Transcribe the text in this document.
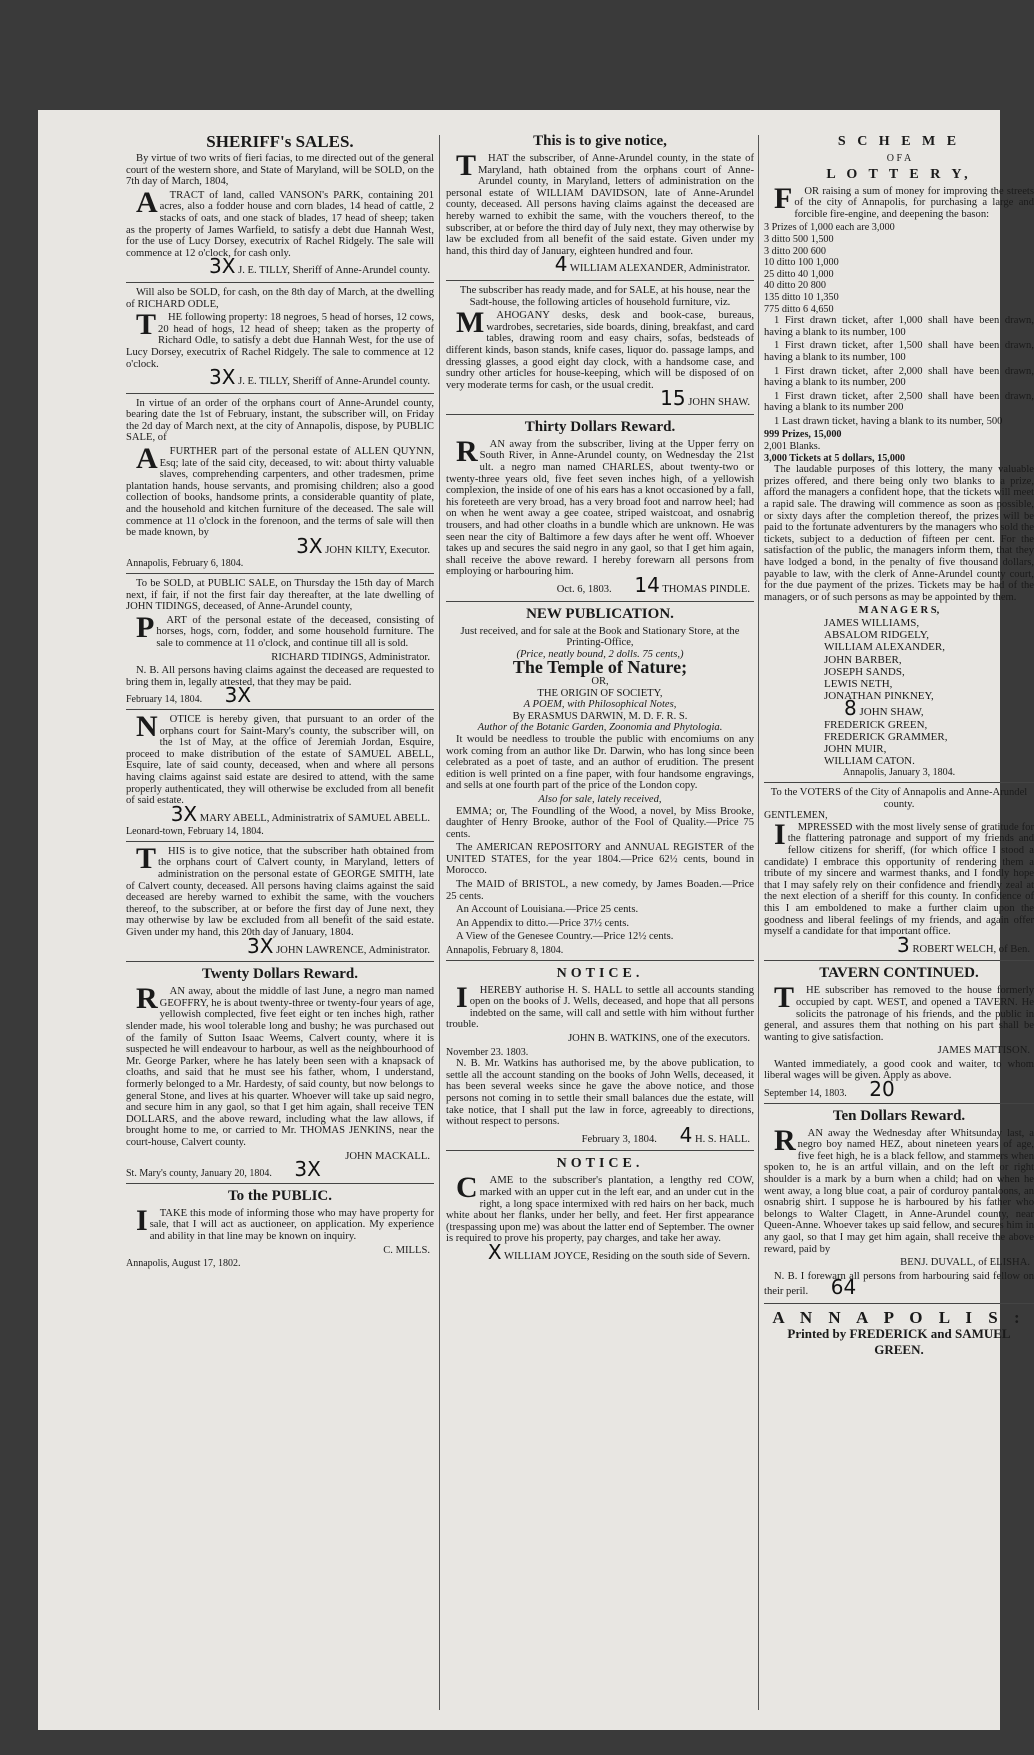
SHERIFF's SALES.
By virtue of two writs of fieri facias, to me directed out of the general court of the western shore, and State of Maryland, will be SOLD, on the 7th day of March, 1804,
ATRACT of land, called VANSON's PARK, containing 201 acres, also a fodder house and corn blades, 14 head of cattle, 2 stacks of oats, and one stack of blades, 17 head of sheep; taken as the property of James Warfield, to satisfy a debt due Hannah West, for the use of Lucy Dorsey, executrix of Rachel Ridgely. The sale will commence at 12 o'clock, for cash only.
3X J. E. TILLY, Sheriff of Anne-Arundel county.
Will also be SOLD, for cash, on the 8th day of March, at the dwelling of RICHARD ODLE,
THE following property: 18 negroes, 5 head of horses, 12 cows, 20 head of hogs, 12 head of sheep; taken as the property of Richard Odle, to satisfy a debt due Hannah West, for the use of Lucy Dorsey, executrix of Rachel Ridgely. The sale to commence at 12 o'clock.
3X J. E. TILLY, Sheriff of Anne-Arundel county.
In virtue of an order of the orphans court of Anne-Arundel county, bearing date the 1st of February, instant, the subscriber will, on Friday the 2d day of March next, at the city of Annapolis, dispose, by PUBLIC SALE, of
AFURTHER part of the personal estate of ALLEN QUYNN, Esq; late of the said city, deceased, to wit: about thirty valuable slaves, comprehending carpenters, and other tradesmen, prime plantation hands, house servants, and promising children; also a good collection of books, handsome prints, a considerable quantity of plate, and the household and kitchen furniture of the deceased. The sale will commence at 11 o'clock in the forenoon, and the terms of sale will then be made known, by
3X JOHN KILTY, Executor.
Annapolis, February 6, 1804.
To be SOLD, at PUBLIC SALE, on Thursday the 15th day of March next, if fair, if not the first fair day thereafter, at the late dwelling of JOHN TIDINGS, deceased, of Anne-Arundel county,
PART of the personal estate of the deceased, consisting of horses, hogs, corn, fodder, and some household furniture. The sale to commence at 11 o'clock, and continue till all is sold.
RICHARD TIDINGS, Administrator.
N. B. All persons having claims against the deceased are requested to bring them in, legally attested, that they may be paid.
February 14, 1804. 3X
NOTICE is hereby given, that pursuant to an order of the orphans court for Saint-Mary's county, the subscriber will, on the 1st of May, at the office of Jeremiah Jordan, Esquire, proceed to make distribution of the estate of SAMUEL ABELL, Esquire, late of said county, deceased, when and where all persons having claims against said estate are desired to attend, with the same properly authenticated, they will otherwise be excluded from all benefit of said estate.
3X MARY ABELL, Administratrix of SAMUEL ABELL.
Leonard-town, February 14, 1804.
THIS is to give notice, that the subscriber hath obtained from the orphans court of Calvert county, in Maryland, letters of administration on the personal estate of GEORGE SMITH, late of Calvert county, deceased. All persons having claims against the said deceased are hereby warned to exhibit the same, with the vouchers thereof, to the subscriber, at or before the first day of June next, they may otherwise by law be excluded from all benefit of the said estate. Given under my hand, this 20th day of January, 1804.
3X JOHN LAWRENCE, Administrator.
Twenty Dollars Reward.
RAN away, about the middle of last June, a negro man named GEOFFRY, he is about twenty-three or twenty-four years of age, yellowish complected, five feet eight or ten inches high, rather slender made, his wool tolerable long and bushy; he was purchased out of the family of Sutton Isaac Weems, Calvert county, where it is suspected he will endeavour to harbour, as well as the neighbourhood of Mr. George Parker, where he has lately been seen with a knapsack of cloaths, and said that he must see his father, whom, I understand, formerly belonged to a Mr. Hardesty, of said county, but now belongs to general Stone, and lives at his quarter. Whoever will take up said negro, and secure him in any gaol, so that I get him again, shall receive TEN DOLLARS, and the above reward, including what the law allows, if brought home to me, or carried to Mr. THOMAS JENKINS, near the court-house, Calvert county.
JOHN MACKALL.
St. Mary's county, January 20, 1804. 3X
To the PUBLIC.
ITAKE this mode of informing those who may have property for sale, that I will act as auctioneer, on application. My experience and ability in that line may be known on inquiry.
C. MILLS.
Annapolis, August 17, 1802.
This is to give notice,
THAT the subscriber, of Anne-Arundel county, in the state of Maryland, hath obtained from the orphans court of Anne-Arundel county, in Maryland, letters of administration on the personal estate of WILLIAM DAVIDSON, late of Anne-Arundel county, deceased. All persons having claims against the deceased are hereby warned to exhibit the same, with the vouchers thereof, to the subscriber, at or before the third day of July next, they may otherwise by law be excluded from all benefit of the said estate. Given under my hand, this third day of January, eighteen hundred and four.
4 WILLIAM ALEXANDER, Administrator.
The subscriber has ready made, and for SALE, at his house, near the Sadt-house, the following articles of household furniture, viz.
MAHOGANY desks, desk and book-case, bureaus, wardrobes, secretaries, side boards, dining, breakfast, and card tables, drawing room and easy chairs, sofas, bedsteads of different kinds, bason stands, knife cases, liquor do. passage lamps, and dressing glasses, a good eight day clock, with a handsome case, and sundry other articles for house-keeping, which will be disposed of on very moderate terms for cash, or the usual credit.
15 JOHN SHAW.
Thirty Dollars Reward.
RAN away from the subscriber, living at the Upper ferry on South River, in Anne-Arundel county, on Wednesday the 21st ult. a negro man named CHARLES, about twenty-two or twenty-three years old, five feet seven inches high, of a yellowish complexion, the inside of one of his ears has a knot occasioned by a fall, his foreteeth are very broad, has a very broad foot and narrow heel; had on when he went away a gee coatee, striped waistcoat, and osnabrig trousers, and had other cloaths in a bundle which are unknown. He was seen near the city of Baltimore a few days after he went off. Whoever takes up and secures the said negro in any gaol, so that I get him again, shall receive the above reward. I hereby forewarn all persons from employing or harbouring him.
Oct. 6, 1803. 14 THOMAS PINDLE.
NEW PUBLICATION.
Just received, and for sale at the Book and Stationary Store, at the Printing-Office,
(Price, neatly bound, 2 dolls. 75 cents,)
The Temple of Nature;
OR,
THE ORIGIN OF SOCIETY,
A POEM, with Philosophical Notes,
By ERASMUS DARWIN, M. D. F. R. S.
Author of the Botanic Garden, Zoonomia and Phytologia.
It would be needless to trouble the public with encomiums on any work coming from an author like Dr. Darwin, who has long since been celebrated as a poet of taste, and an author of erudition. The present edition is well printed on a fine paper, with four handsome engravings, and sells at one fourth part of the price of the London copy.
Also for sale, lately received,
EMMA; or, The Foundling of the Wood, a novel, by Miss Brooke, daughter of Henry Brooke, author of the Fool of Quality.—Price 75 cents.
The AMERICAN REPOSITORY and ANNUAL REGISTER of the UNITED STATES, for the year 1804.—Price 62½ cents, bound in Morocco.
The MAID of BRISTOL, a new comedy, by James Boaden.—Price 25 cents.
An Account of Louisiana.—Price 25 cents.
An Appendix to ditto.—Price 37½ cents.
A View of the Genesee Country.—Price 12½ cents.
Annapolis, February 8, 1804.
NOTICE.
IHEREBY authorise H. S. HALL to settle all accounts standing open on the books of J. Wells, deceased, and hope that all persons indebted on the same, will call and settle with him without further trouble.
JOHN B. WATKINS, one of the executors.
November 23. 1803.
N. B. Mr. Watkins has authorised me, by the above publication, to settle all the account standing on the books of John Wells, deceased, it has been several weeks since he gave the above notice, and those persons not coming in to settle their small balances due the estate, will take notice, that I shall put the law in force, agreeably to directions, without respect to persons.
February 3, 1804. 4 H. S. HALL.
NOTICE.
CAME to the subscriber's plantation, a lengthy red COW, marked with an upper cut in the left ear, and an under cut in the right, a long space intermixed with red hairs on her back, much white about her flanks, under her belly, and feet. Her first appearance (trespassing upon me) was about the latter end of September. The owner is required to prove his property, pay charges, and take her away.
X WILLIAM JOYCE, Residing on the south side of Severn.
S C H E M E
O F A
L O T T E R Y,
FOR raising a sum of money for improving the streets of the city of Annapolis, for purchasing a large and forcible fire-engine, and deepening the bason:
3 Prizes of 1,000 each are 3,000
3 ditto 500 1,500
3 ditto 200 600
10 ditto 100 1,000
25 ditto 40 1,000
40 ditto 20 800
135 ditto 10 1,350
775 ditto 6 4,650
1 First drawn ticket, after 1,000 shall have been drawn, having a blank to its number, 100
1 First drawn ticket, after 1,500 shall have been drawn, having a blank to its number, 100
1 First drawn ticket, after 2,000 shall have been drawn, having a blank to its number, 200
1 First drawn ticket, after 2,500 shall have been drawn, having a blank to its number 200
1 Last drawn ticket, having a blank to its number, 500
999 Prizes, 15,000
2,001 Blanks.
3,000 Tickets at 5 dollars, 15,000
The laudable purposes of this lottery, the many valuable prizes offered, and there being only two blanks to a prize, afford the managers a confident hope, that the tickets will meet a rapid sale. The drawing will commence as soon as possible, or sixty days after the completion thereof, the prizes will be paid to the fortunate adventurers by the managers who sold the tickets, subject to a deduction of fifteen per cent. For the satisfaction of the public, the managers inform them, that they have lodged a bond, in the penalty of five thousand dollars, payable to law, with the clerk of Anne-Arundel county court, for the due payment of the prizes. Tickets may be had of the managers, or of such persons as may be appointed by them.
M A N A G E R S,
JAMES WILLIAMS,
ABSALOM RIDGELY,
WILLIAM ALEXANDER,
JOHN BARBER,
JOSEPH SANDS,
LEWIS NETH,
JONATHAN PINKNEY,
8 JOHN SHAW,
FREDERICK GREEN,
FREDERICK GRAMMER,
JOHN MUIR,
WILLIAM CATON.
Annapolis, January 3, 1804.
To the VOTERS of the City of Annapolis and Anne-Arundel county.
GENTLEMEN,
IMPRESSED with the most lively sense of gratitude for the flattering patronage and support of my friends and fellow citizens for sheriff, (for which office I stood a candidate) I embrace this opportunity of rendering them a tribute of my sincere and warmest thanks, and I fondly hope that I may safely rely on their confidence and friendly zeal at the next election of a sheriff for this county. In confidence of this I am emboldened to make a further claim upon the goodness and liberal feelings of my friends, and again offer myself a candidate for that important office.
3 ROBERT WELCH, of Ben.
TAVERN CONTINUED.
THE subscriber has removed to the house formerly occupied by capt. WEST, and opened a TAVERN. He solicits the patronage of his friends, and the public in general, and assures them that nothing on his part shall be wanting to give satisfaction.
JAMES MATTISON.
Wanted immediately, a good cook and waiter, to whom liberal wages will be given. Apply as above.
September 14, 1803. 20
Ten Dollars Reward.
RAN away the Wednesday after Whitsunday last, a negro boy named HEZ, about nineteen years of age, five feet high, he is a black fellow, and stammers when spoken to, he is an artful villain, and on the left or right shoulder is a mark by a burn when a child; had on when he went away, a long blue coat, a pair of corduroy pantaloons, an osnabrig shirt. I suppose he is harboured by his father who belongs to Walter Clagett, in Anne-Arundel county, near Queen-Anne. Whoever takes up said fellow, and secures him in any gaol, so that I may get him again, shall receive the above reward, paid by
BENJ. DUVALL, of ELISHA.
N. B. I forewarn all persons from harbouring said fellow on their peril. 64
A N N A P O L I S :
Printed by FREDERICK and SAMUEL
GREEN.
